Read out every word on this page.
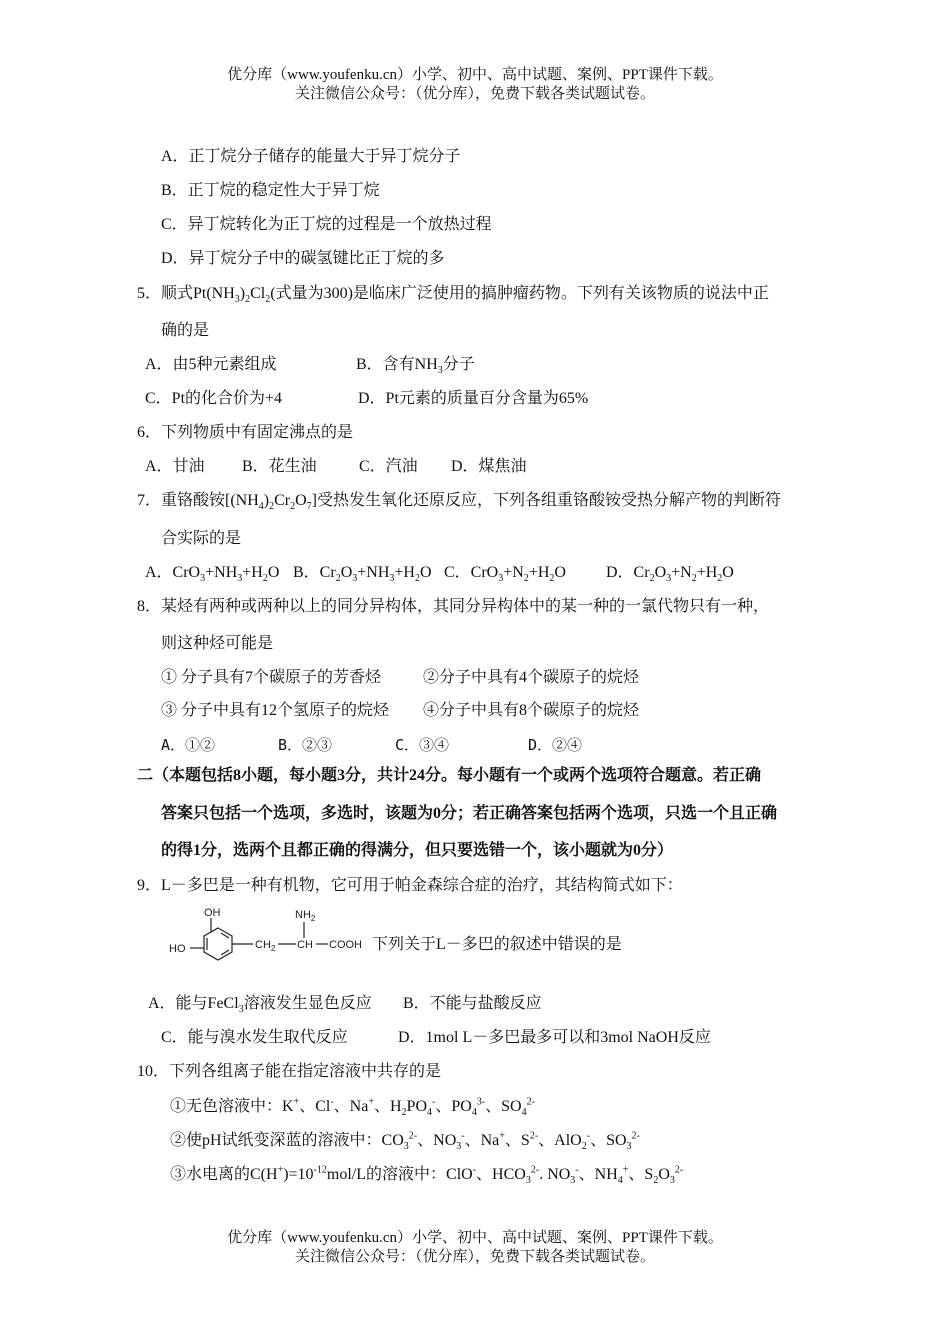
优分库（www.youfenku.cn）小学、初中、高中试题、案例、PPT课件下载。
关注微信公众号：（优分库），免费下载各类试题试卷。
A．正丁烷分子储存的能量大于异丁烷分子
B．正丁烷的稳定性大于异丁烷
C．异丁烷转化为正丁烷的过程是一个放热过程
D．异丁烷分子中的碳氢键比正丁烷的多
5．顺式$Pt(NH_3)_2Cl_2$(式量为300)是临床广泛使用的搞肿瘤药物。下列有关该物质的说法中正
确的是
A．由5种元素组成	B．含有$NH_3$分子
C．Pt的化合价为+4	D．Pt元素的质量百分含量为65%
6．下列物质中有固定沸点的是
A．甘油 B．花生油	C．汽油 D．煤焦油
7．重铬酸铵$[(NH_4)_2Cr_2O_7]$受热发生氧化还原反应，下列各组重铬酸铵受热分解产物的判断符
合实际的是
A．$CrO_3+NH_3+H_2O$ B．$Cr_2O_3+NH_3+H_2O$ C．$CrO_3+N_2+H_2O$	D．$Cr_2O_3+N_2+H_2O$
8．某烃有两种或两种以上的同分异构体，其同分异构体中的某一种的一氯代物只有一种，
则这种烃可能是
① 分子具有7个碳原子的芳香烃	②分子中具有4个碳原子的烷烃
③ 分子中具有12个氢原子的烷烃 ④分子中具有8个碳原子的烷烃
A．①②	B．②③	C．③④	D．②④
二（本题包括8小题，每小题3分，共计24分。每小题有一个或两个选项符合题意。若正确
答案只包括一个选项，多选时，该题为0分；若正确答案包括两个选项，只选一个且正确
的得1分，选两个且都正确的得满分，但只要选错一个，该小题就为0分）
9．L－多巴是一种有机物，它可用于帕金森综合症的治疗，其结构简式如下：
OH
HO
$NH_2$
$CH_2$ CH COOH 下列关于L－多巴的叙述中错误的是
A．能与FeCl$_3$溶液发生显色反应 B．不能与盐酸反应
C．能与溴水发生取代反应	D．1mol L－多巴最多可以和3mol NaOH反应
10．下列各组离子能在指定溶液中共存的是
①无色溶液中：K+、Cl-、Na+、$H_2PO_4^-$、$PO_4^{3-}$、$SO_4^{2-}$
②使pH试纸变深蓝的溶液中：$CO_3^{2-}$、$NO_3^-$、Na+、$S^{2-}$、AlO$_2$-、$SO_3^{2-}$
③水电离的$C(H^+)=10^{-12}mol/L$的溶液中：ClO-、$HCO_3^{2-}$. $NO_3^-$、$NH_4^+$、$S_2O_3^{2-}$
优分库（www.youfenku.cn）小学、初中、高中试题、案例、PPT课件下载。
关注微信公众号：（优分库），免费下载各类试题试卷。
